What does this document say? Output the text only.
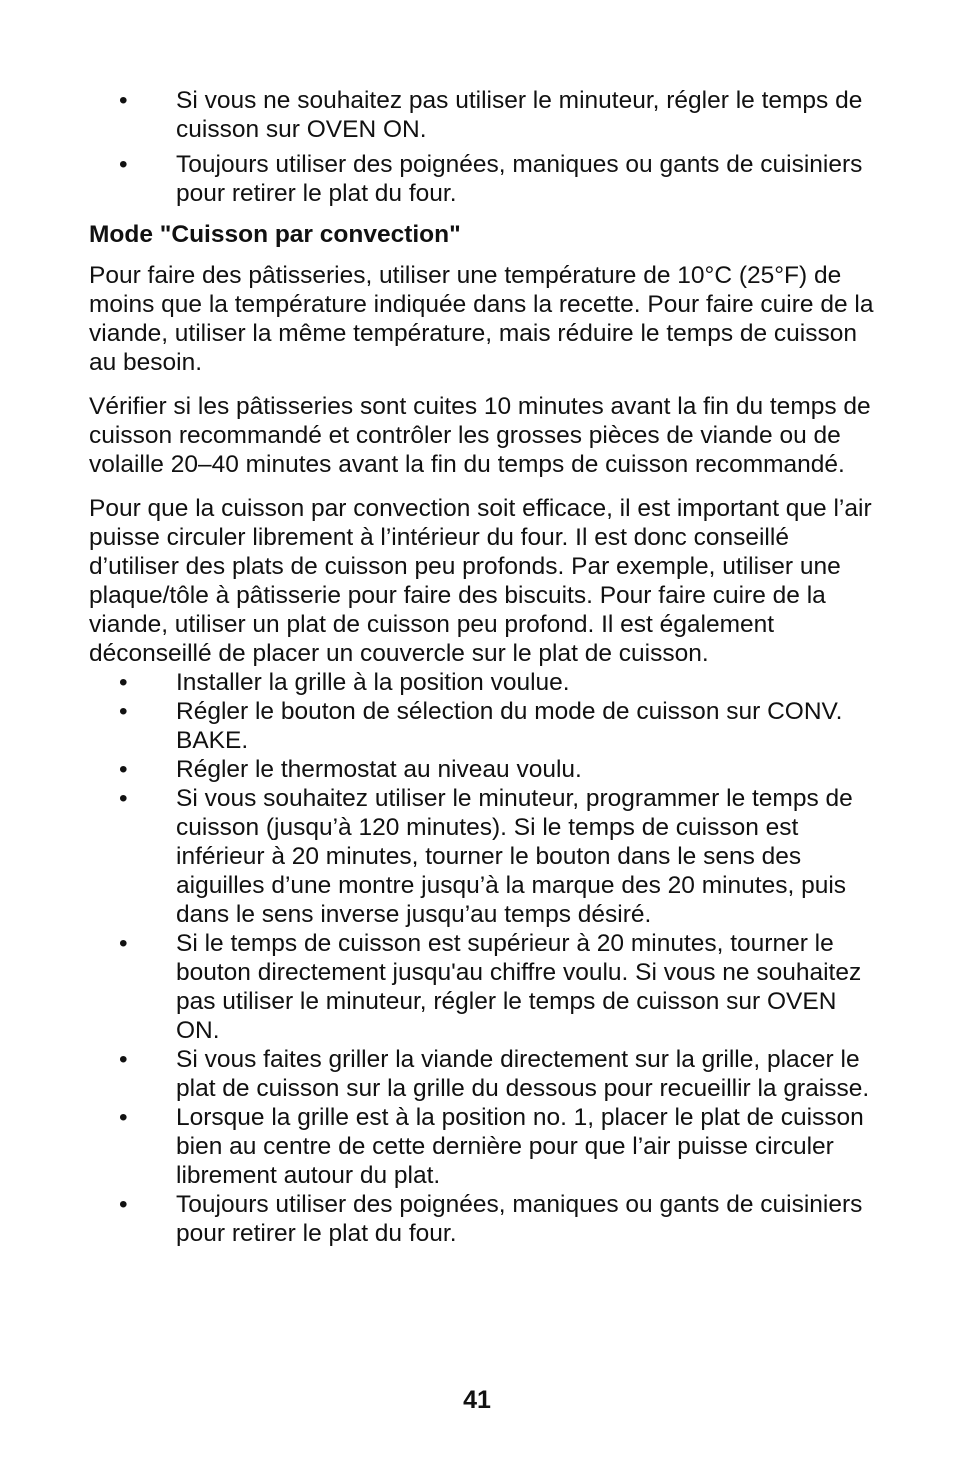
• Si vous ne souhaitez pas utiliser le minuteur, régler le temps de cuisson sur OVEN ON.
• Toujours utiliser des poignées, maniques ou gants de cuisiniers pour retirer le plat du four.
Mode "Cuisson par convection"

Pour faire des pâtisseries, utiliser une température de 10°C (25°F) de moins que la température indiquée dans la recette. Pour faire cuire de la viande, utiliser la même température, mais réduire le temps de cuisson au besoin.

Vérifier si les pâtisseries sont cuites 10 minutes avant la fin du temps de cuisson recommandé et contrôler les grosses pièces de viande ou de volaille 20–40 minutes avant la fin du temps de cuisson recommandé.

Pour que la cuisson par convection soit efficace, il est important que l’air puisse circuler librement à l’intérieur du four. Il est donc conseillé d’utiliser des plats de cuisson peu profonds. Par exemple, utiliser une plaque/tôle à pâtisserie pour faire des biscuits. Pour faire cuire de la viande, utiliser un plat de cuisson peu profond. Il est également déconseillé de placer un couvercle sur le plat de cuisson.

• Installer la grille à la position voulue.
• Régler le bouton de sélection du mode de cuisson sur CONV. BAKE.
• Régler le thermostat au niveau voulu.
• Si vous souhaitez utiliser le minuteur, programmer le temps de cuisson (jusqu’à 120 minutes). Si le temps de cuisson est inférieur à 20 minutes, tourner le bouton dans le sens des aiguilles d’une montre jusqu’à la marque des 20 minutes, puis dans le sens inverse jusqu’au temps désiré.
• Si le temps de cuisson est supérieur à 20 minutes, tourner le bouton directement jusqu'au chiffre voulu. Si vous ne souhaitez pas utiliser le minuteur, régler le temps de cuisson sur OVEN ON.
• Si vous faites griller la viande directement sur la grille, placer le plat de cuisson sur la grille du dessous pour recueillir la graisse.
• Lorsque la grille est à la position no. 1, placer le plat de cuisson bien au centre de cette dernière pour que l’air puisse circuler librement autour du plat.
• Toujours utiliser des poignées, maniques ou gants de cuisiniers pour retirer le plat du four.
41
